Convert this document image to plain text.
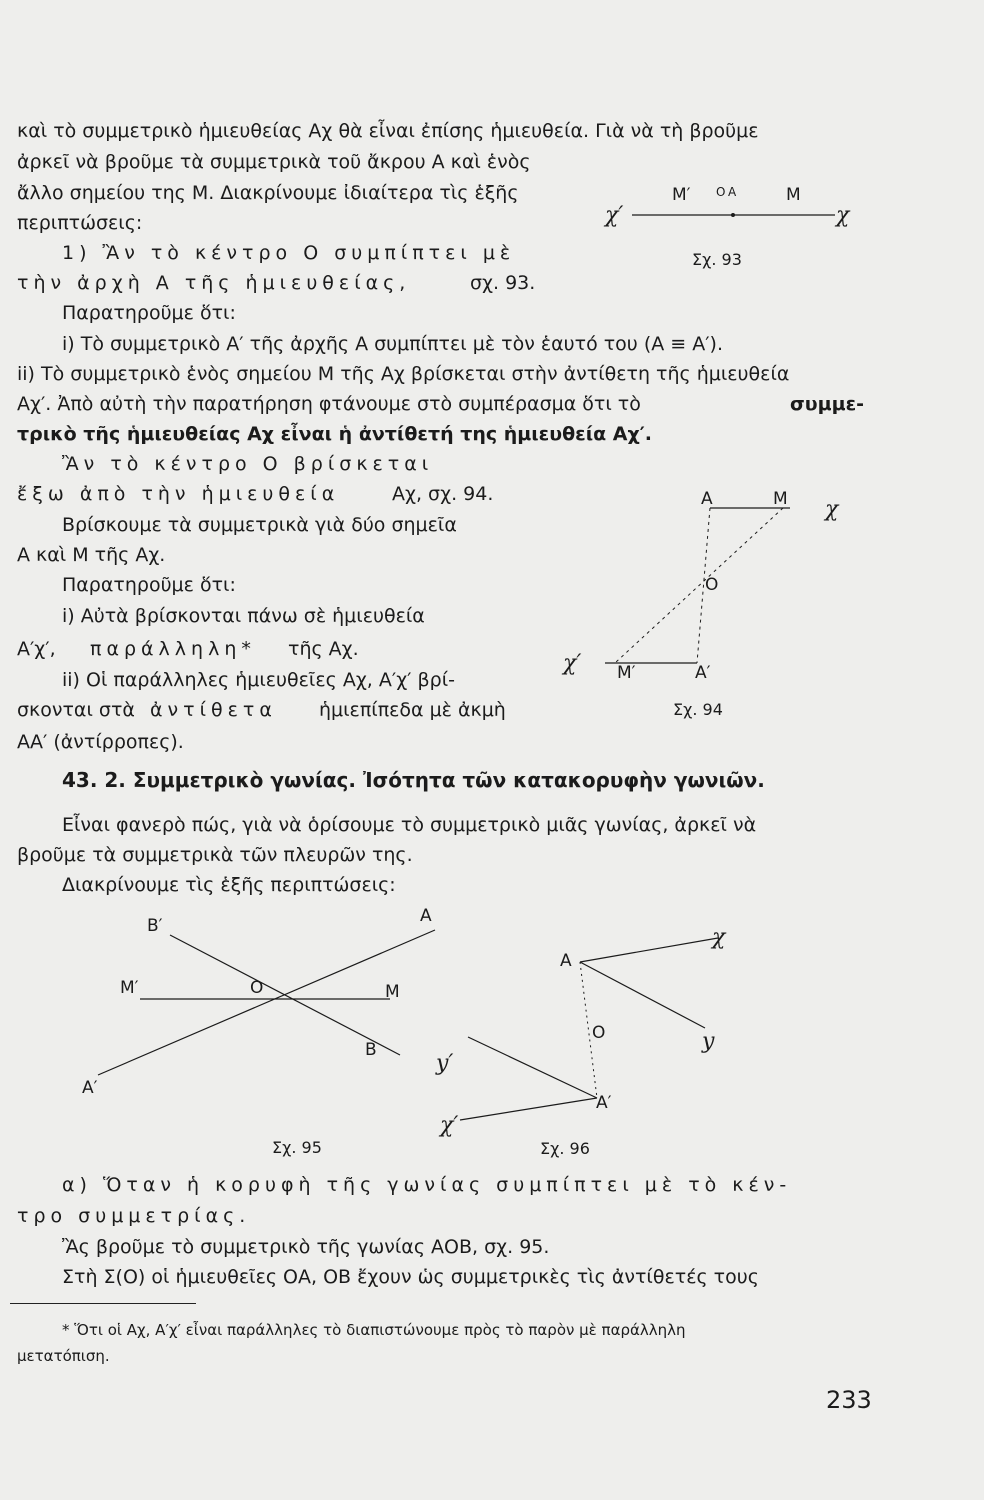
καὶ τὸ συμμετρικὸ ἡμιευθείας Αχ θὰ εἶναι ἐπίσης ἡμιευθεία. Γιὰ νὰ τὴ βροῦμε
ἀρκεῖ νὰ βροῦμε τὰ συμμετρικὰ τοῦ ἄκρου Α καὶ ἑνὸς
ἄλλο σημείου της Μ. Διακρίνουμε ἰδιαίτερα τὶς ἑξῆς
περιπτώσεις:
1) Ἂν τὸ κέντρο Ο συμπίπτει μὲ
τὴν ἀρχὴ Α τῆς ἡμιευθείας,	σχ. 93.
Παρατηροῦμε ὅτι:
i) Τὸ συμμετρικὸ Α′ τῆς ἀρχῆς Α συμπίπτει μὲ τὸν ἑαυτό του (Α ≡ Α′).
ii) Τὸ συμμετρικὸ ἑνὸς σημείου Μ τῆς Αχ βρίσκεται στὴν ἀντίθετη τῆς ἡμιευθεία
Αχ′. Ἀπὸ αὐτὴ τὴν παρατήρηση φτάνουμε στὸ συμπέρασμα ὅτι τὸ	συμμε-
τρικὸ τῆς ἡμιευθείας Αχ εἶναι ἡ ἀντίθετή της ἡμιευθεία Αχ′.
Ἂν τὸ κέντρο Ο βρίσκεται
ἔξω ἀπὸ τὴν ἡμιευθεία	Αχ, σχ. 94.
Βρίσκουμε τὰ συμμετρικὰ γιὰ δύο σημεῖα
Α καὶ Μ τῆς Αχ.
Παρατηροῦμε ὅτι:
i) Αὐτὰ βρίσκονται πάνω σὲ ἡμιευθεία
Α′χ′, παράλληλη* τῆς Αχ.
ii) Οἱ παράλληλες ἡμιευθεῖες Αχ, Α′χ′ βρί-
σκονται στὰ ἀντίθετα ἡμιεπίπεδα μὲ ἀκμὴ
ΑΑ′ (ἀντίρροπες).
43. 2. Συμμετρικὸ γωνίας. Ἰσότητα τῶν κατακορυφὴν γωνιῶν.
Εἶναι φανερὸ πώς, γιὰ νὰ ὁρίσουμε τὸ συμμετρικὸ μιᾶς γωνίας, ἀρκεῖ νὰ
βροῦμε τὰ συμμετρικὰ τῶν πλευρῶν της.
Διακρίνουμε τὶς ἑξῆς περιπτώσεις:
α) Ὅταν ἡ κορυφὴ τῆς γωνίας συμπίπτει μὲ τὸ κέν-
τρο συμμετρίας.
Ἂς βροῦμε τὸ συμμετρικὸ τῆς γωνίας ΑΟΒ, σχ. 95.
Στὴ Σ(Ο) οἱ ἡμιευθεῖες ΟΑ, ΟΒ ἔχουν ὡς συμμετρικὲς τὶς ἀντίθετές τους
* Ὅτι οἱ Αχ, Α′χ′ εἶναι παράλληλες τὸ διαπιστώνουμε πρὸς τὸ παρὸν μὲ παράλληλη
μετατόπιση.
233
χ′
Μ′ Ο Α	Μ
χ
Σχ. 93
Α	Μ χ
Ο
χ′ Μ′	Α′
Σχ. 94
Β′	Α
Μ′	Ο	Μ
Β
Α′
Σχ. 95
χ
Α
y
Ο
y′
Α′
χ′
Σχ. 96
